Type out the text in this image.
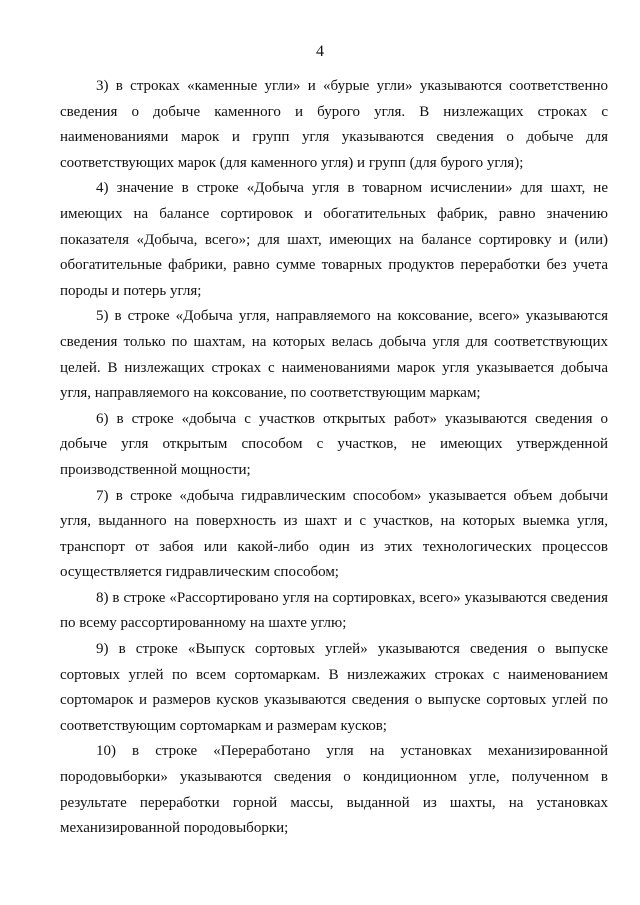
4

3) в строках «каменные угли» и «бурые угли» указываются соответственно сведения о добыче каменного и бурого угля. В низлежащих строках с наименованиями марок и групп угля указываются сведения о добыче для соответствующих марок (для каменного угля) и групп (для бурого угля);

4) значение в строке «Добыча угля в товарном исчислении» для шахт, не имеющих на балансе сортировок и обогатительных фабрик, равно значению показателя «Добыча, всего»; для шахт, имеющих на балансе сортировку и (или) обогатительные фабрики, равно сумме товарных продуктов переработки без учета породы и потерь угля;

5) в строке «Добыча угля, направляемого на коксование, всего» указываются сведения только по шахтам, на которых велась добыча угля для соответствующих целей. В низлежащих строках с наименованиями марок угля указывается добыча угля, направляемого на коксование, по соответствующим маркам;

6) в строке «добыча с участков открытых работ» указываются сведения о добыче угля открытым способом с участков, не имеющих утвержденной производственной мощности;

7) в строке «добыча гидравлическим способом» указывается объем добычи угля, выданного на поверхность из шахт и с участков, на которых выемка угля, транспорт от забоя или какой-либо один из этих технологических процессов осуществляется гидравлическим способом;

8) в строке «Рассортировано угля на сортировках, всего» указываются сведения по всему рассортированному на шахте углю;

9) в строке «Выпуск сортовых углей» указываются сведения о выпуске сортовых углей по всем сортомаркам. В низлежажих строках с наименованием сортомарок и размеров кусков указываются сведения о выпуске сортовых углей по соответствующим сортомаркам и размерам кусков;

10) в строке «Переработано угля на установках механизированной породовыборки» указываются сведения о кондиционном угле, полученном в результате переработки горной массы, выданной из шахты, на установках механизированной породовыборки;
